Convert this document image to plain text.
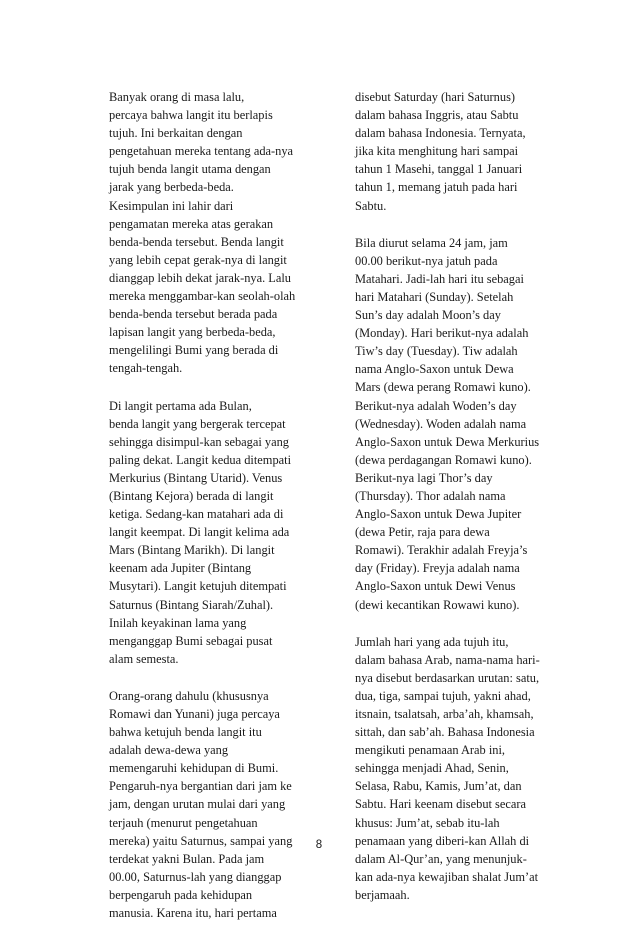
Banyak orang di masa lalu,
percaya bahwa langit itu berlapis
tujuh. Ini berkaitan dengan
pengetahuan mereka tentang ada-nya
tujuh benda langit utama dengan
jarak yang berbeda-beda.
Kesimpulan ini lahir dari
pengamatan mereka atas gerakan
benda-benda tersebut. Benda langit
yang lebih cepat gerak-nya di langit
dianggap lebih dekat jarak-nya. Lalu
mereka menggambar-kan seolah-olah
benda-benda tersebut berada pada
lapisan langit yang berbeda-beda,
mengelilingi Bumi yang berada di
tengah-tengah.

Di langit pertama ada Bulan,
benda langit yang bergerak tercepat
sehingga disimpul-kan sebagai yang
paling dekat. Langit kedua ditempati
Merkurius (Bintang Utarid). Venus
(Bintang Kejora) berada di langit
ketiga. Sedang-kan matahari ada di
langit keempat. Di langit kelima ada
Mars (Bintang Marikh). Di langit
keenam ada Jupiter (Bintang
Musytari). Langit ketujuh ditempati
Saturnus (Bintang Siarah/Zuhal).
Inilah keyakinan lama yang
menganggap Bumi sebagai pusat
alam semesta.

Orang-orang dahulu (khususnya
Romawi dan Yunani) juga percaya
bahwa ketujuh benda langit itu
adalah dewa-dewa yang
memengaruhi kehidupan di Bumi.
Pengaruh-nya bergantian dari jam ke
jam, dengan urutan mulai dari yang
terjauh (menurut pengetahuan
mereka) yaitu Saturnus, sampai yang
terdekat yakni Bulan. Pada jam
00.00, Saturnus-lah yang dianggap
berpengaruh pada kehidupan
manusia. Karena itu, hari pertama

disebut Saturday (hari Saturnus)
dalam bahasa Inggris, atau Sabtu
dalam bahasa Indonesia. Ternyata,
jika kita menghitung hari sampai
tahun 1 Masehi, tanggal 1 Januari
tahun 1, memang jatuh pada hari
Sabtu.

Bila diurut selama 24 jam, jam
00.00 berikut-nya jatuh pada
Matahari. Jadi-lah hari itu sebagai
hari Matahari (Sunday). Setelah
Sun’s day adalah Moon’s day
(Monday). Hari berikut-nya adalah
Tiw’s day (Tuesday). Tiw adalah
nama Anglo-Saxon untuk Dewa
Mars (dewa perang Romawi kuno).
Berikut-nya adalah Woden’s day
(Wednesday). Woden adalah nama
Anglo-Saxon untuk Dewa Merkurius
(dewa perdagangan Romawi kuno).
Berikut-nya lagi Thor’s day
(Thursday). Thor adalah nama
Anglo-Saxon untuk Dewa Jupiter
(dewa Petir, raja para dewa
Romawi). Terakhir adalah Freyja’s
day (Friday). Freyja adalah nama
Anglo-Saxon untuk Dewi Venus
(dewi kecantikan Rowawi kuno).

Jumlah hari yang ada tujuh itu,
dalam bahasa Arab, nama-nama hari-
nya disebut berdasarkan urutan: satu,
dua, tiga, sampai tujuh, yakni ahad,
itsnain, tsalatsah, arba’ah, khamsah,
sittah, dan sab’ah. Bahasa Indonesia
mengikuti penamaan Arab ini,
sehingga menjadi Ahad, Senin,
Selasa, Rabu, Kamis, Jum’at, dan
Sabtu. Hari keenam disebut secara
khusus: Jum’at, sebab itu-lah
penamaan yang diberi-kan Allah di
dalam Al-Qur’an, yang menunjuk-
kan ada-nya kewajiban shalat Jum’at
berjamaah.

8
